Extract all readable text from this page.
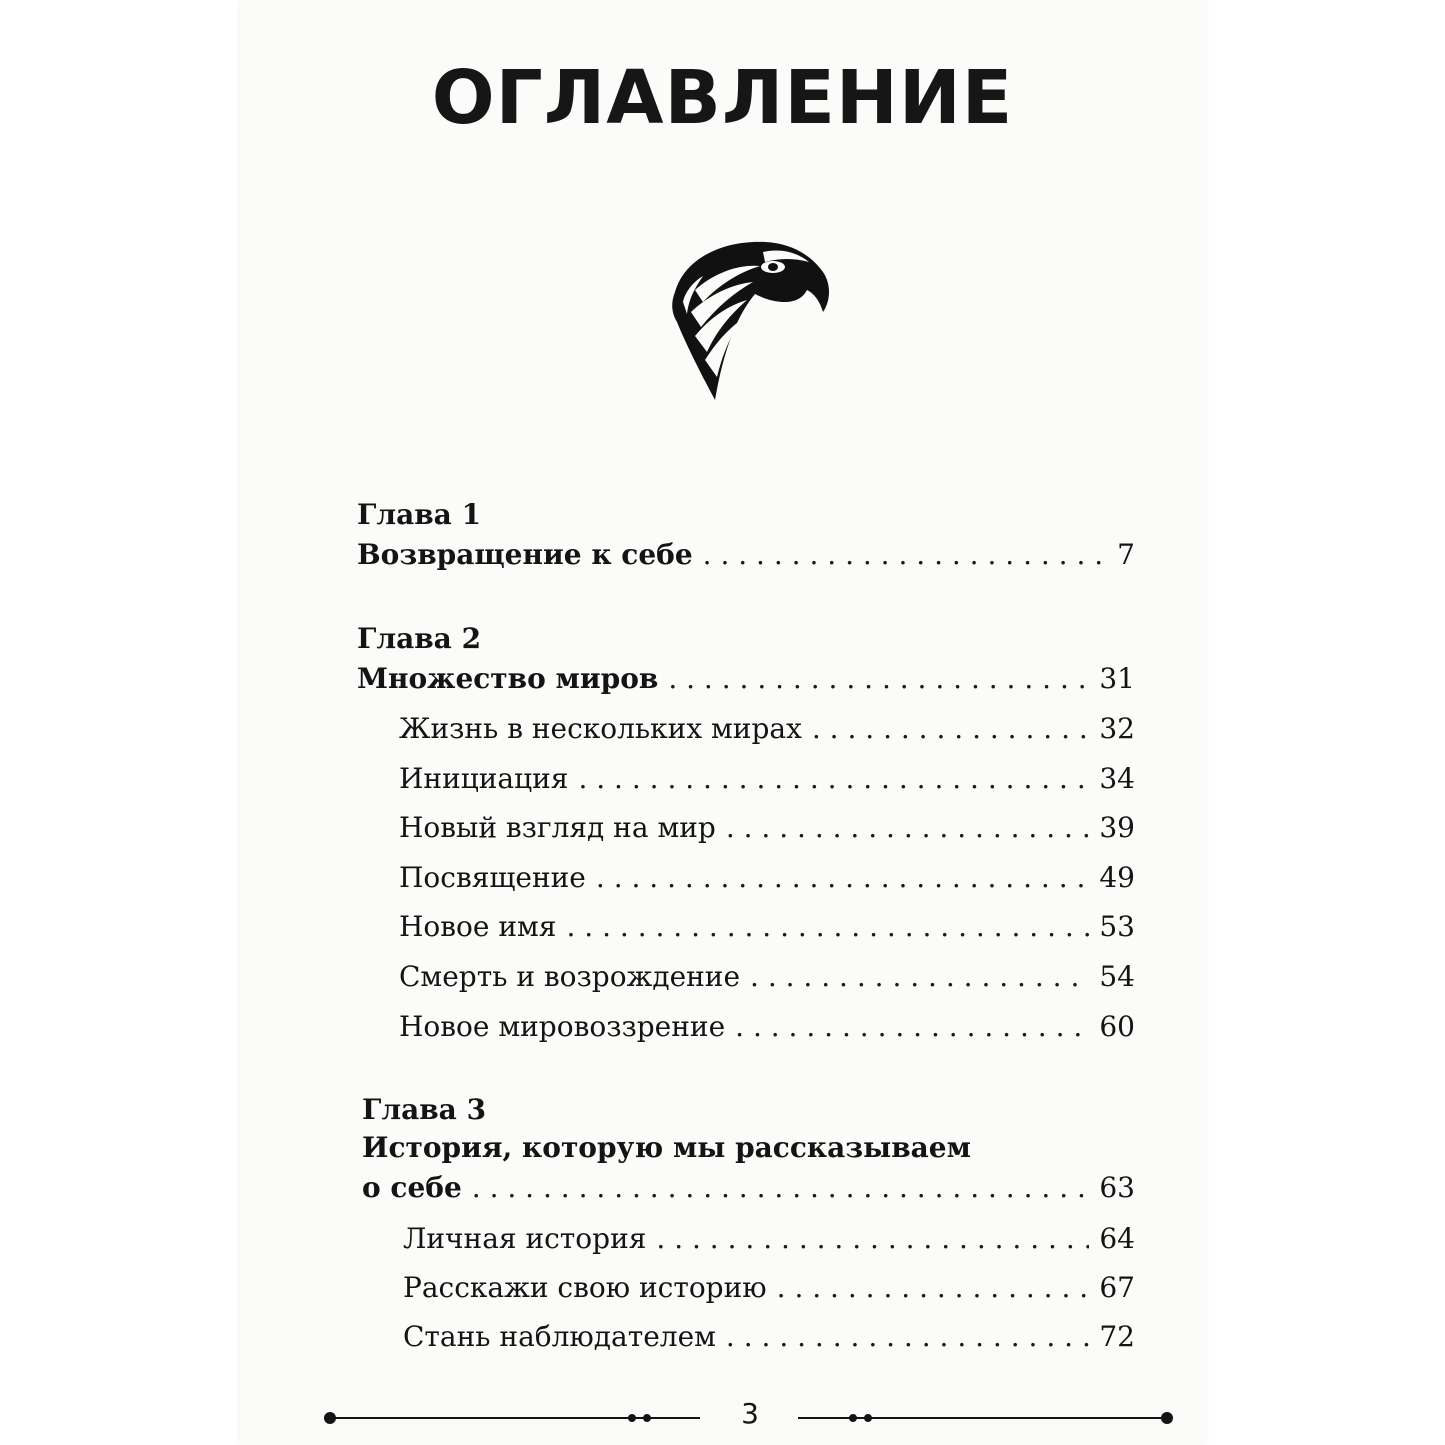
ОГЛАВЛЕНИЕ
Глава 1
Возвращение к себе . . .	7
Глава 2
Множество миров . . .	31
Жизнь в нескольких мирах . . .	32
Инициация . . .	34
Новый взгляд на мир . . .	39
Посвящение . . .	49
Новое имя . . .	53
Смерть и возрождение . . .	54
Новое мировоззрение . . .	60
Глава 3
История, которую мы рассказываем
о себе . . .	63
Личная история . . .	64
Расскажи свою историю . . .	67
Стань наблюдателем . . .	72
3
